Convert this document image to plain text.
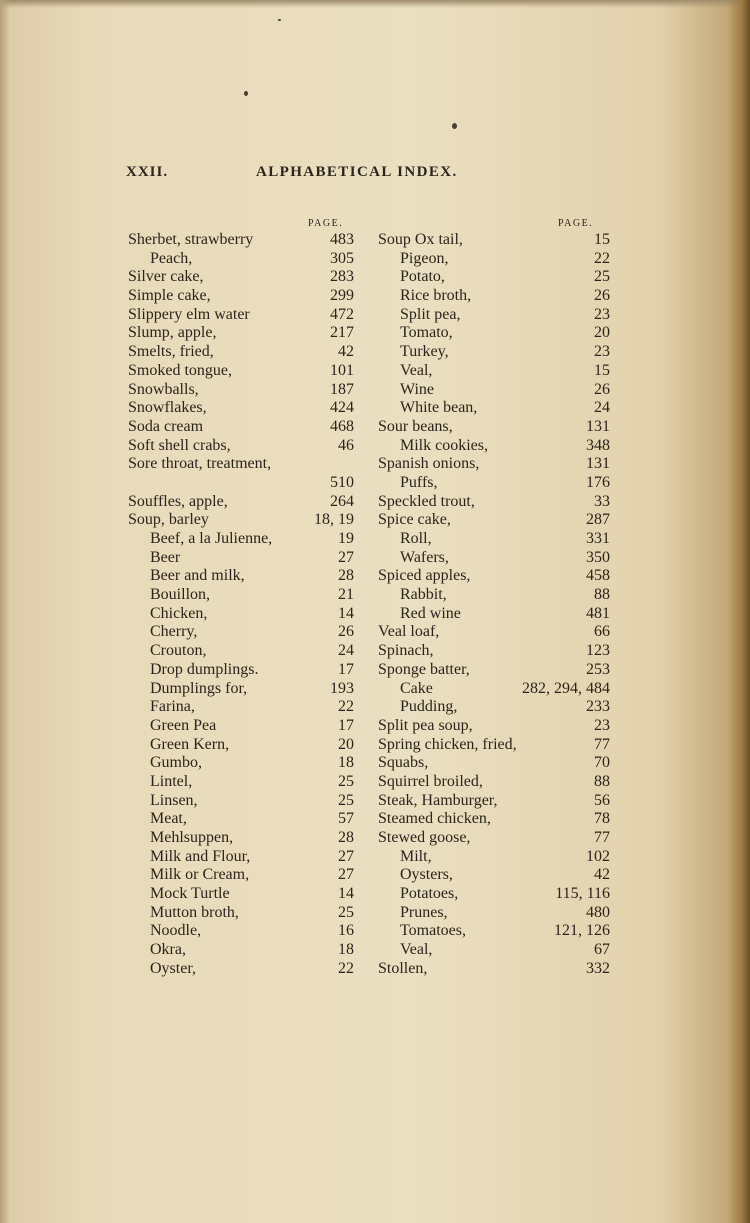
XXII.	ALPHABETICAL INDEX.
PAGE.	PAGE.
Sherbet, strawberry	483
Peach,	305
Silver cake,	283
Simple cake,	299
Slippery elm water	472
Slump, apple,	217
Smelts, fried,	42
Smoked tongue,	101
Snowballs,	187
Snowflakes,	424
Soda cream	468
Soft shell crabs,	46
Sore throat, treatment,
510
Souffles, apple,	264
Soup, barley	18, 19
Beef, a la Julienne,	19
Beer	27
Beer and milk,	28
Bouillon,	21
Chicken,	14
Cherry,	26
Crouton,	24
Drop dumplings.	17
Dumplings for,	193
Farina,	22
Green Pea	17
Green Kern,	20
Gumbo,	18
Lintel,	25
Linsen,	25
Meat,	57
Mehlsuppen,	28
Milk and Flour,	27
Milk or Cream,	27
Mock Turtle	14
Mutton broth,	25
Noodle,	16
Okra,	18
Oyster,	22
Soup Ox tail,	15
Pigeon,	22
Potato,	25
Rice broth,	26
Split pea,	23
Tomato,	20
Turkey,	23
Veal,	15
Wine	26
White bean,	24
Sour beans,	131
Milk cookies,	348
Spanish onions,	131
Puffs,	176
Speckled trout,	33
Spice cake,	287
Roll,	331
Wafers,	350
Spiced apples,	458
Rabbit,	88
Red wine	481
Veal loaf,	66
Spinach,	123
Sponge batter,	253
Cake	282, 294, 484
Pudding,	233
Split pea soup,	23
Spring chicken, fried,	77
Squabs,	70
Squirrel broiled,	88
Steak, Hamburger,	56
Steamed chicken,	78
Stewed goose,	77
Milt,	102
Oysters,	42
Potatoes,	115, 116
Prunes,	480
Tomatoes,	121, 126
Veal,	67
Stollen,	332
